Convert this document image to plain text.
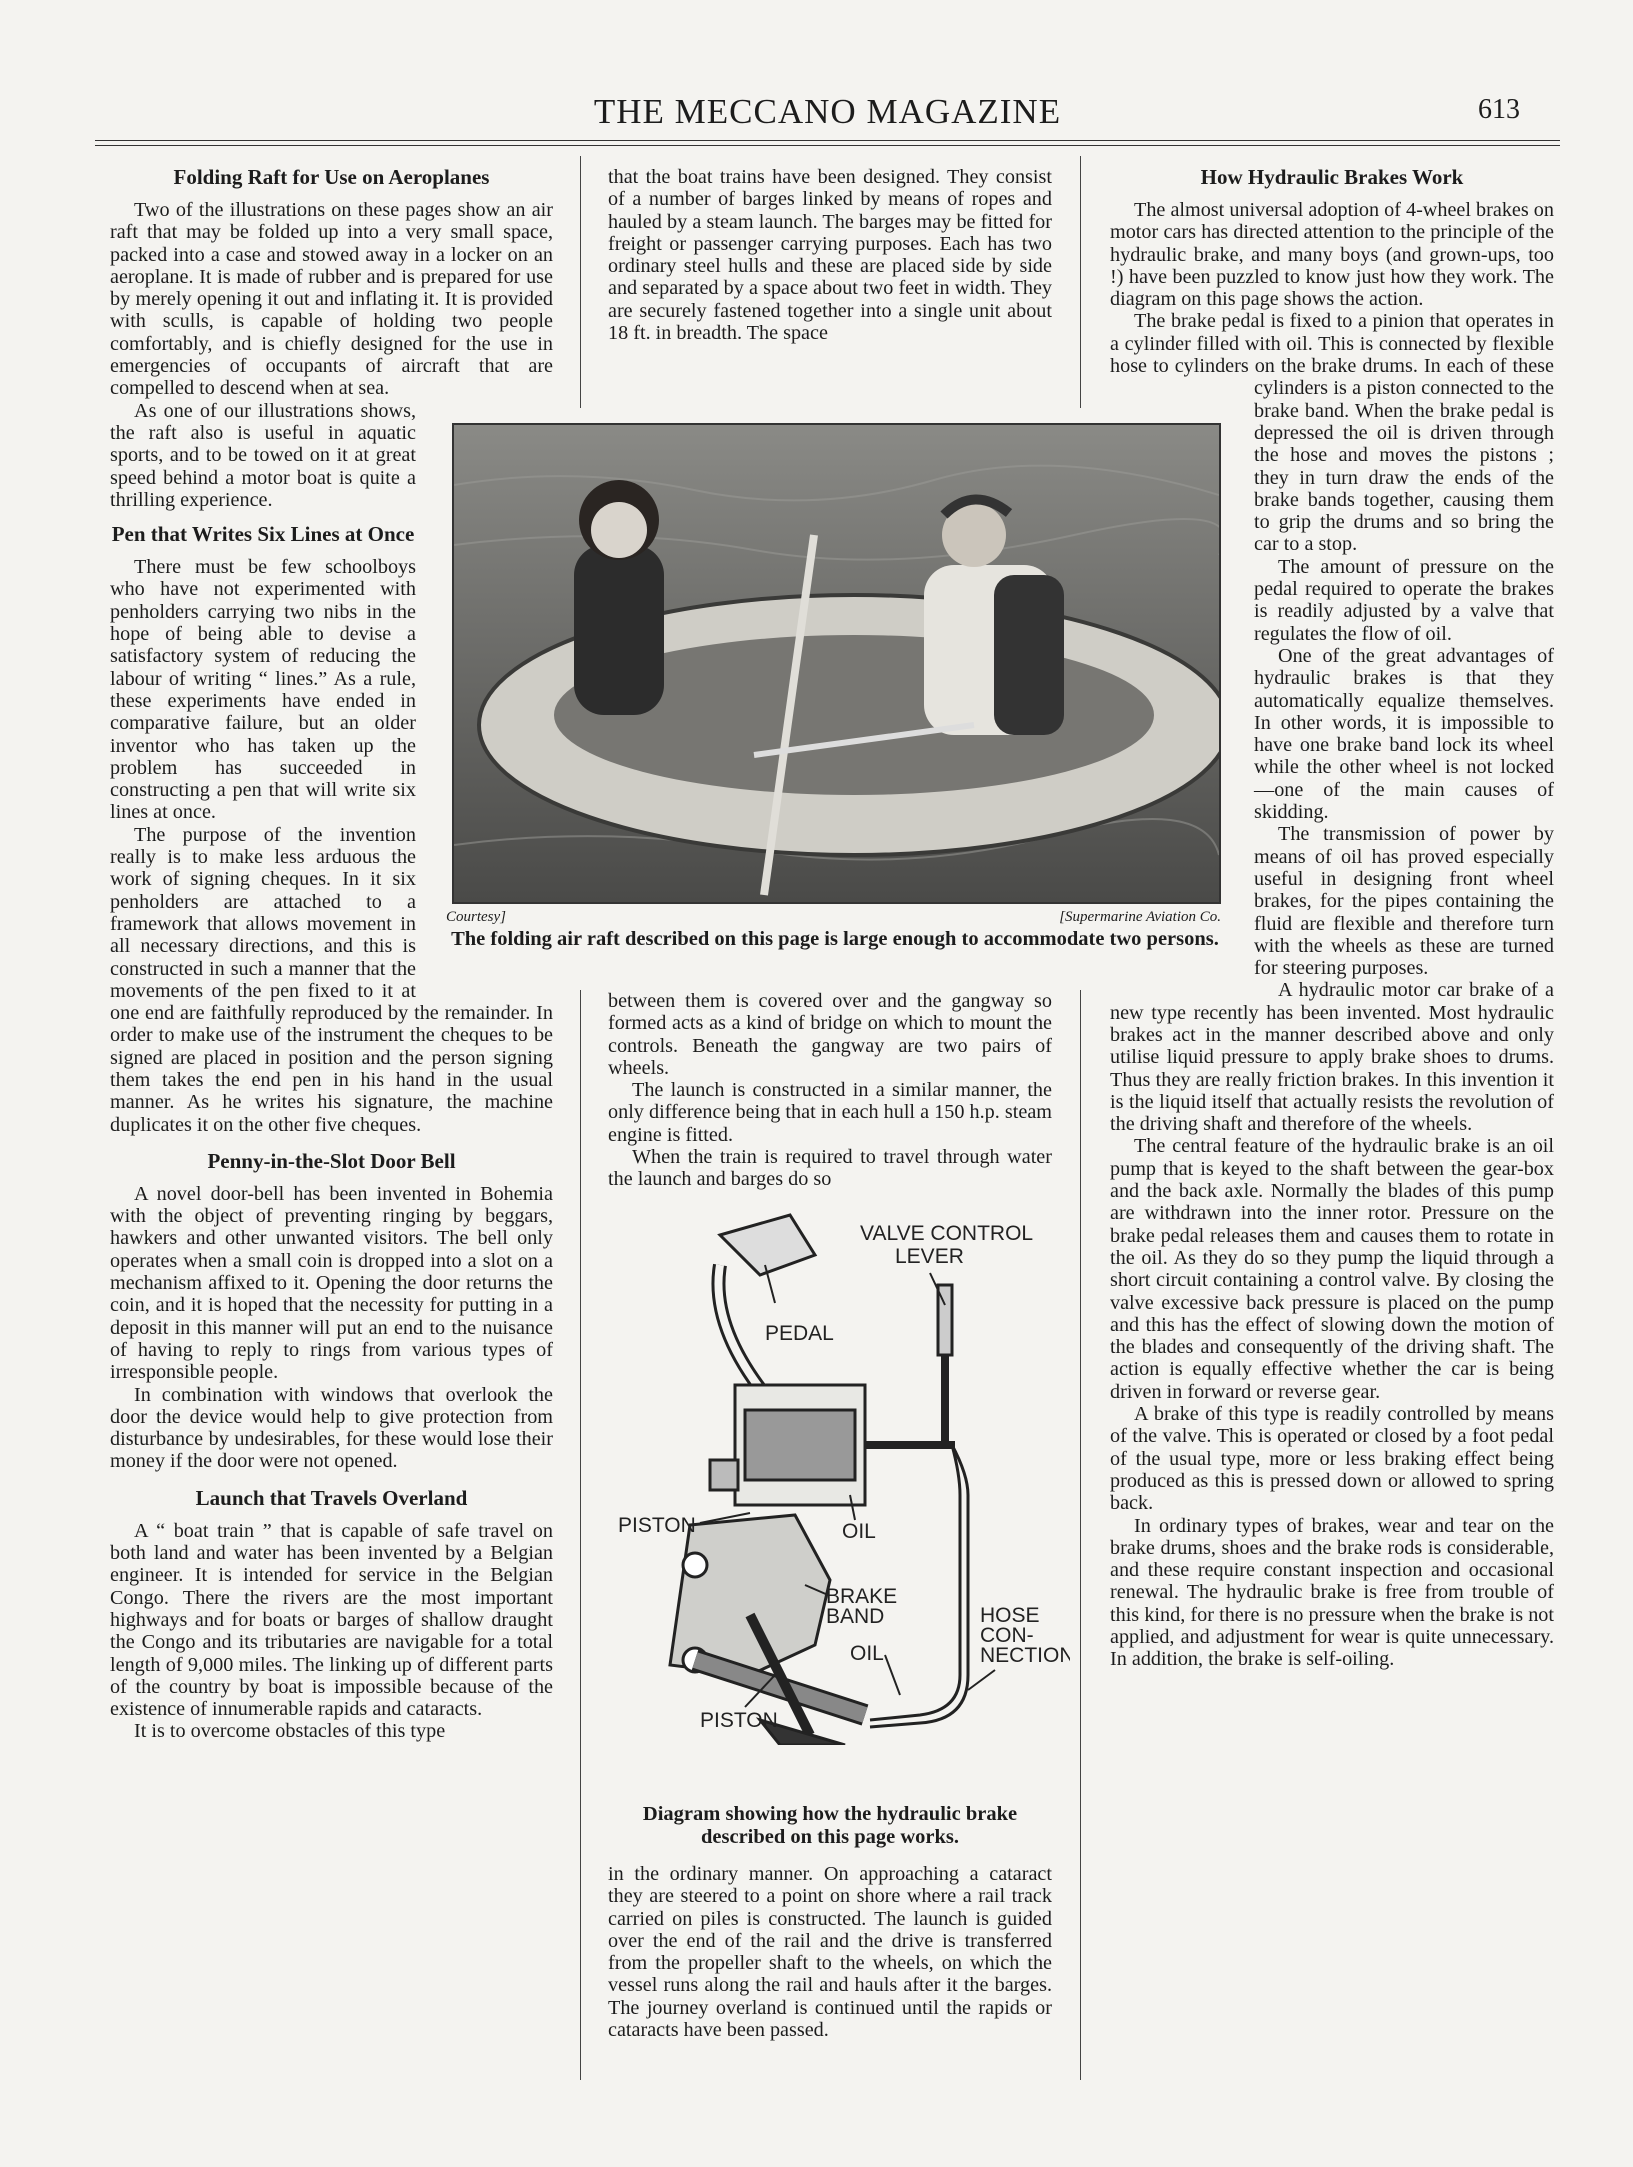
THE MECCANO MAGAZINE	613
Folding Raft for Use on Aeroplanes

Two of the illustrations on these pages show an air raft that may be folded up into a very small space, packed into a case and stowed away in a locker on an aeroplane. It is made of rubber and is prepared for use by merely opening it out and inflating it. It is provided with sculls, is capable of holding two people comfortably, and is chiefly designed for the use in emergencies of occupants of aircraft that are compelled to descend when at sea.

As one of our illustrations shows, the raft also is useful in aquatic sports, and to be towed on it at great speed behind a motor boat is quite a thrilling experience.

Pen that Writes Six Lines at Once

There must be few schoolboys who have not experimented with penholders carrying two nibs in the hope of being able to devise a satisfactory system of reducing the labour of writing “ lines.” As a rule, these experiments have ended in comparative failure, but an older inventor who has taken up the problem has succeeded in constructing a pen that will write six lines at once.

The purpose of the invention really is to make less arduous the work of signing cheques. In it six penholders are attached to a framework that allows movement in all necessary directions, and this is constructed in such a manner that the movements of the pen fixed to it at one end are faithfully reproduced by the remainder. In order to make use of the instrument the cheques to be signed are placed in position and the person signing them takes the end pen in his hand in the usual manner. As he writes his signature, the machine duplicates it on the other five cheques.

Penny-in-the-Slot Door Bell

A novel door-bell has been invented in Bohemia with the object of preventing ringing by beggars, hawkers and other unwanted visitors. The bell only operates when a small coin is dropped into a slot on a mechanism affixed to it. Opening the door returns the coin, and it is hoped that the necessity for putting in a deposit in this manner will put an end to the nuisance of having to reply to rings from various types of irresponsible people.

In combination with windows that overlook the door the device would help to give protection from disturbance by undesirables, for these would lose their money if the door were not opened.

Launch that Travels Overland

A “ boat train ” that is capable of safe travel on both land and water has been invented by a Belgian engineer. It is intended for service in the Belgian Congo. There the rivers are the most important highways and for boats or barges of shallow draught the Congo and its tributaries are navigable for a total length of 9,000 miles. The linking up of different parts of the country by boat is impossible because of the existence of innumerable rapids and cataracts.

It is to overcome obstacles of this type

that the boat trains have been designed. They consist of a number of barges linked by means of ropes and hauled by a steam launch. The barges may be fitted for freight or passenger carrying purposes. Each has two ordinary steel hulls and these are placed side by side and separated by a space about two feet in width. They are securely fastened together into a single unit about 18 ft. in breadth. The space

Courtesy]	[Supermarine Aviation Co.
The folding air raft described on this page is large enough to accommodate two persons.

between them is covered over and the gangway so formed acts as a kind of bridge on which to mount the controls. Beneath the gangway are two pairs of wheels.

The launch is constructed in a similar manner, the only difference being that in each hull a 150 h.p. steam engine is fitted.

When the train is required to travel through water the launch and barges do so

VALVE CONTROL
LEVER
PEDAL
PISTON	OIL
BRAKE
BAND	HOSE
CON-
NECTION
OIL
PISTON
Diagram showing how the hydraulic brake described on this page works.

in the ordinary manner. On approaching a cataract they are steered to a point on shore where a rail track carried on piles is constructed. The launch is guided over the end of the rail and the drive is transferred from the propeller shaft to the wheels, on which the vessel runs along the rail and hauls after it the barges. The journey overland is continued until the rapids or cataracts have been passed.

How Hydraulic Brakes Work

The almost universal adoption of 4-wheel brakes on motor cars has directed attention to the principle of the hydraulic brake, and many boys (and grown-ups, too !) have been puzzled to know just how they work. The diagram on this page shows the action.

The brake pedal is fixed to a pinion that operates in a cylinder filled with oil. This is connected by flexible hose to cylinders on the brake drums. In each of these cylinders is a piston connected to the brake band. When the brake pedal is depressed the oil is driven through the hose and moves the pistons ; they in turn draw the ends of the brake bands together, causing them to grip the drums and so bring the car to a stop.

The amount of pressure on the pedal required to operate the brakes is readily adjusted by a valve that regulates the flow of oil.

One of the great advantages of hydraulic brakes is that they automatically equalize themselves. In other words, it is impossible to have one brake band lock its wheel while the other wheel is not locked—one of the main causes of skidding.

The transmission of power by means of oil has proved especially useful in designing front wheel brakes, for the pipes containing the fluid are flexible and therefore turn with the wheels as these are turned for steering purposes.

A hydraulic motor car brake of a new type recently has been invented. Most hydraulic brakes act in the manner described above and only utilise liquid pressure to apply brake shoes to drums. Thus they are really friction brakes. In this invention it is the liquid itself that actually resists the revolution of the driving shaft and therefore of the wheels.

The central feature of the hydraulic brake is an oil pump that is keyed to the shaft between the gear-box and the back axle. Normally the blades of this pump are withdrawn into the inner rotor. Pressure on the brake pedal releases them and causes them to rotate in the oil. As they do so they pump the liquid through a short circuit containing a control valve. By closing the valve excessive back pressure is placed on the pump and this has the effect of slowing down the motion of the blades and consequently of the driving shaft. The action is equally effective whether the car is being driven in forward or reverse gear.

A brake of this type is readily controlled by means of the valve. This is operated or closed by a foot pedal of the usual type, more or less braking effect being produced as this is pressed down or allowed to spring back.

In ordinary types of brakes, wear and tear on the brake drums, shoes and the brake rods is considerable, and these require constant inspection and occasional renewal. The hydraulic brake is free from trouble of this kind, for there is no pressure when the brake is not applied, and adjustment for wear is quite unnecessary. In addition, the brake is self-oiling.
